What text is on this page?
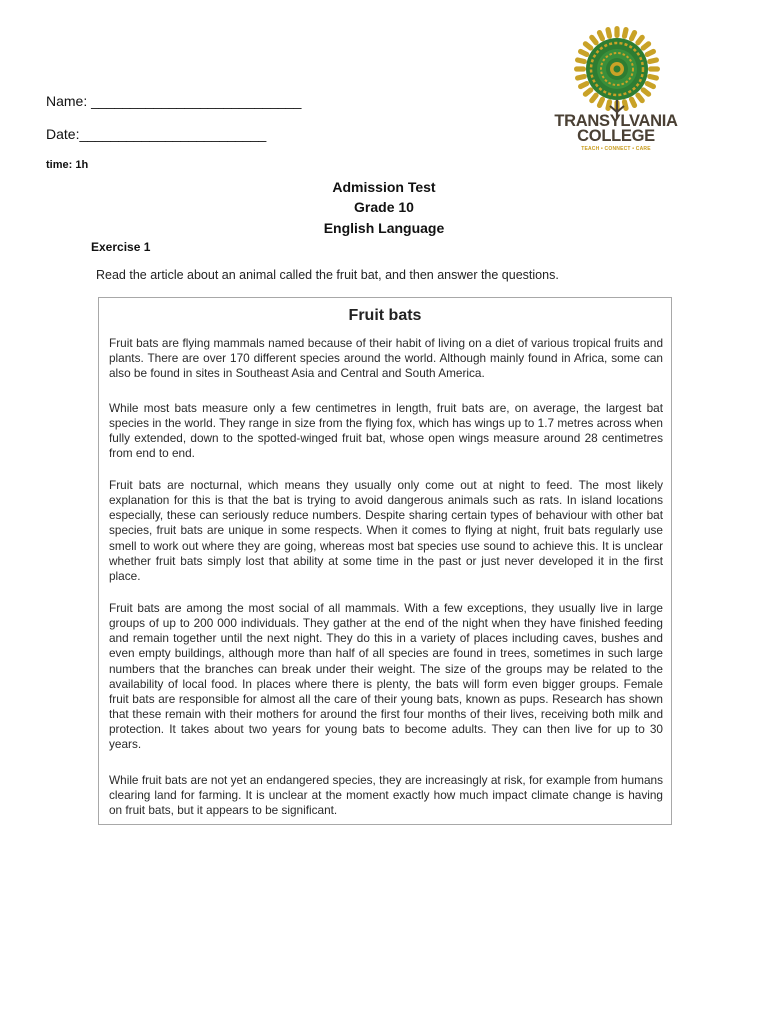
Name: ___________________________
Date:________________________
time: 1h
TRANSYLVANIA
COLLEGE
TEACH • CONNECT • CARE
Admission Test
Grade 10
English Language
Exercise 1
Read the article about an animal called the fruit bat, and then answer the questions.
Fruit bats

Fruit bats are flying mammals named because of their habit of living on a diet of various tropical fruits and plants. There are over 170 different species around the world. Although mainly found in Africa, some can also be found in sites in Southeast Asia and Central and South America.

While most bats measure only a few centimetres in length, fruit bats are, on average, the largest bat species in the world. They range in size from the flying fox, which has wings up to 1.7 metres across when fully extended, down to the spotted-winged fruit bat, whose open wings measure around 28 centimetres from end to end.

Fruit bats are nocturnal, which means they usually only come out at night to feed. The most likely explanation for this is that the bat is trying to avoid dangerous animals such as rats. In island locations especially, these can seriously reduce numbers. Despite sharing certain types of behaviour with other bat species, fruit bats are unique in some respects. When it comes to flying at night, fruit bats regularly use smell to work out where they are going, whereas most bat species use sound to achieve this. It is unclear whether fruit bats simply lost that ability at some time in the past or just never developed it in the first place.

Fruit bats are among the most social of all mammals. With a few exceptions, they usually live in large groups of up to 200 000 individuals. They gather at the end of the night when they have finished feeding and remain together until the next night. They do this in a variety of places including caves, bushes and even empty buildings, although more than half of all species are found in trees, sometimes in such large numbers that the branches can break under their weight. The size of the groups may be related to the availability of local food. In places where there is plenty, the bats will form even bigger groups. Female fruit bats are responsible for almost all the care of their young bats, known as pups. Research has shown that these remain with their mothers for around the first four months of their lives, receiving both milk and protection. It takes about two years for young bats to become adults. They can then live for up to 30 years.

While fruit bats are not yet an endangered species, they are increasingly at risk, for example from humans clearing land for farming. It is unclear at the moment exactly how much impact climate change is having on fruit bats, but it appears to be significant.
